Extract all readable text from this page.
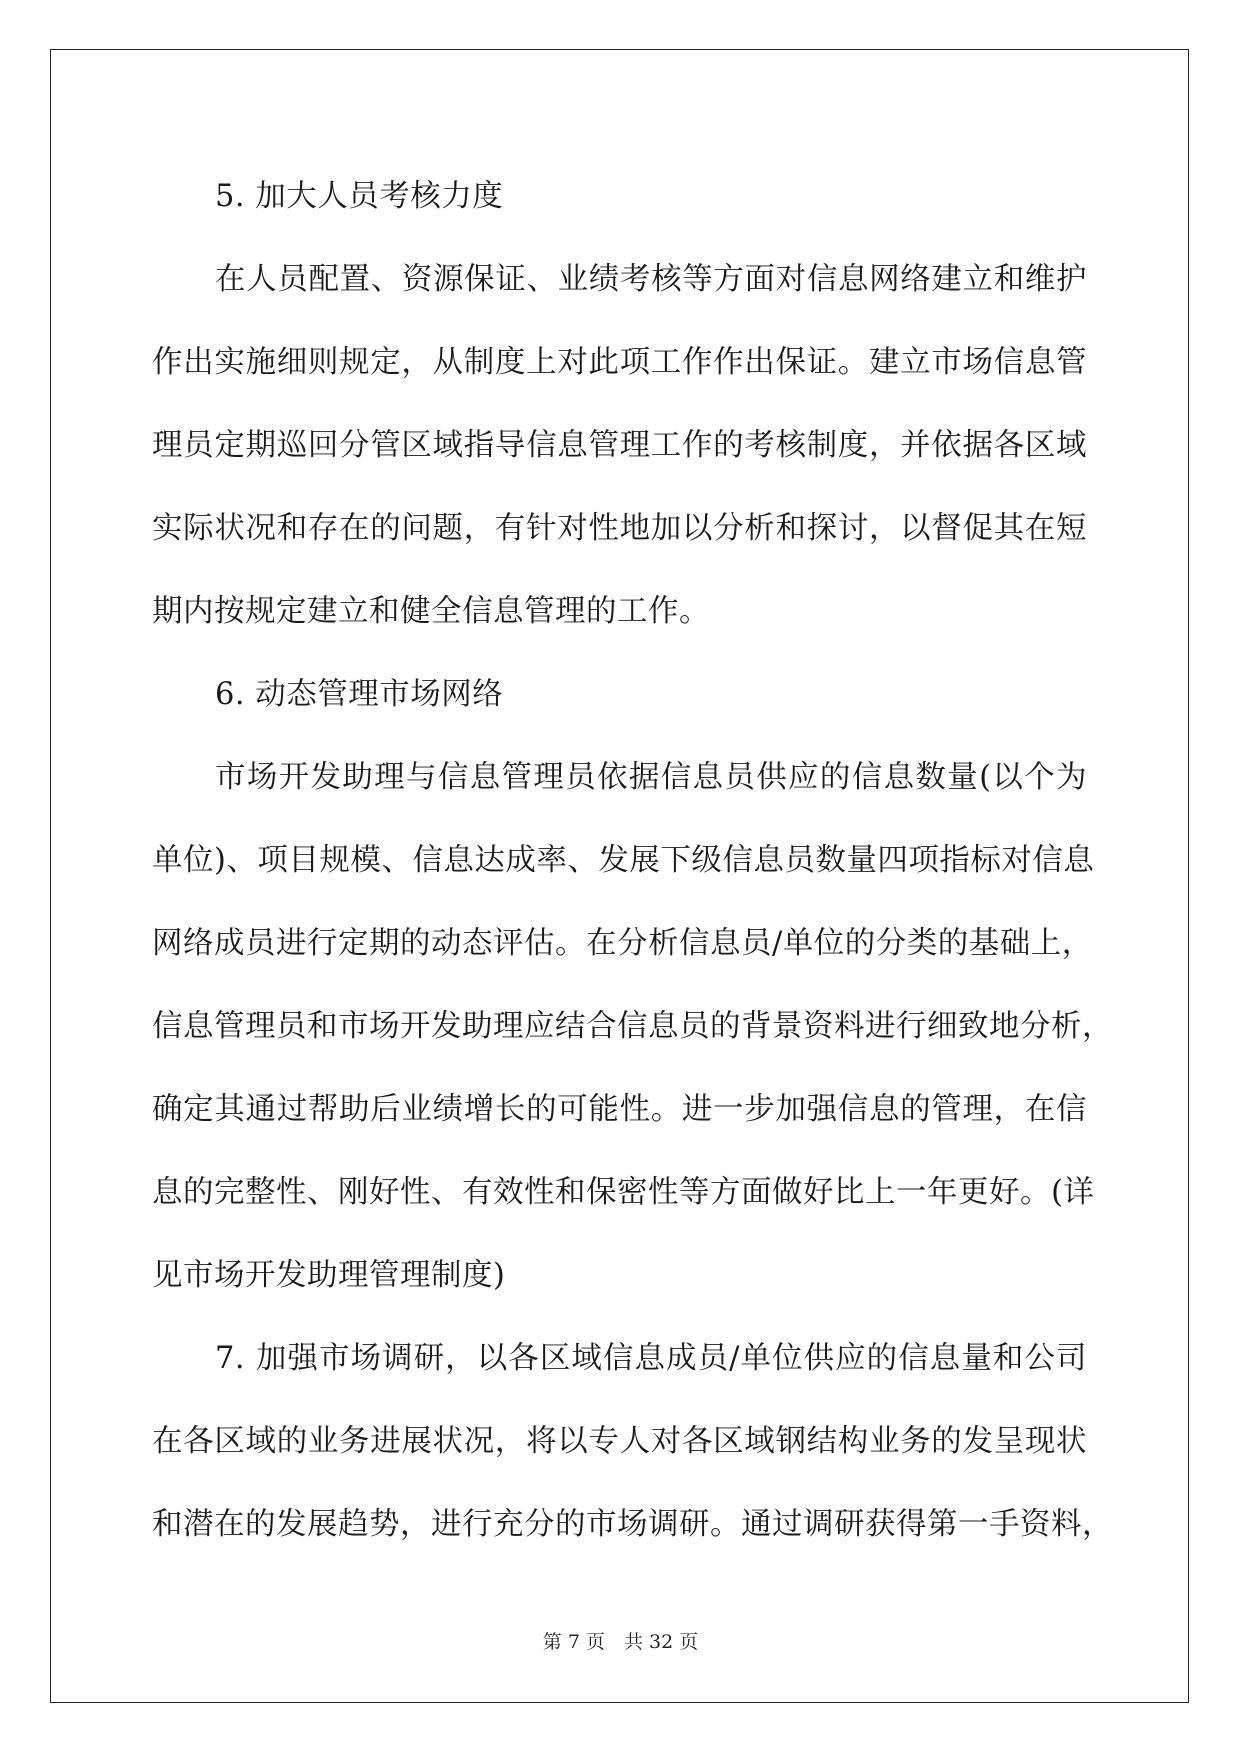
5. 加大人员考核力度
在人员配置、资源保证、业绩考核等方面对信息网络建立和维护
作出实施细则规定，从制度上对此项工作作出保证。建立市场信息管
理员定期巡回分管区域指导信息管理工作的考核制度，并依据各区域
实际状况和存在的问题，有针对性地加以分析和探讨，以督促其在短
期内按规定建立和健全信息管理的工作。
6. 动态管理市场网络
市场开发助理与信息管理员依据信息员供应的信息数量(以个为
单位)、项目规模、信息达成率、发展下级信息员数量四项指标对信息
网络成员进行定期的动态评估。在分析信息员/单位的分类的基础上，
信息管理员和市场开发助理应结合信息员的背景资料进行细致地分析，
确定其通过帮助后业绩增长的可能性。进一步加强信息的管理，在信
息的完整性、刚好性、有效性和保密性等方面做好比上一年更好。(详
见市场开发助理管理制度)
7. 加强市场调研，以各区域信息成员/单位供应的信息量和公司
在各区域的业务进展状况，将以专人对各区域钢结构业务的发呈现状
和潜在的发展趋势，进行充分的市场调研。通过调研获得第一手资料，
第 7 页　共 32 页
